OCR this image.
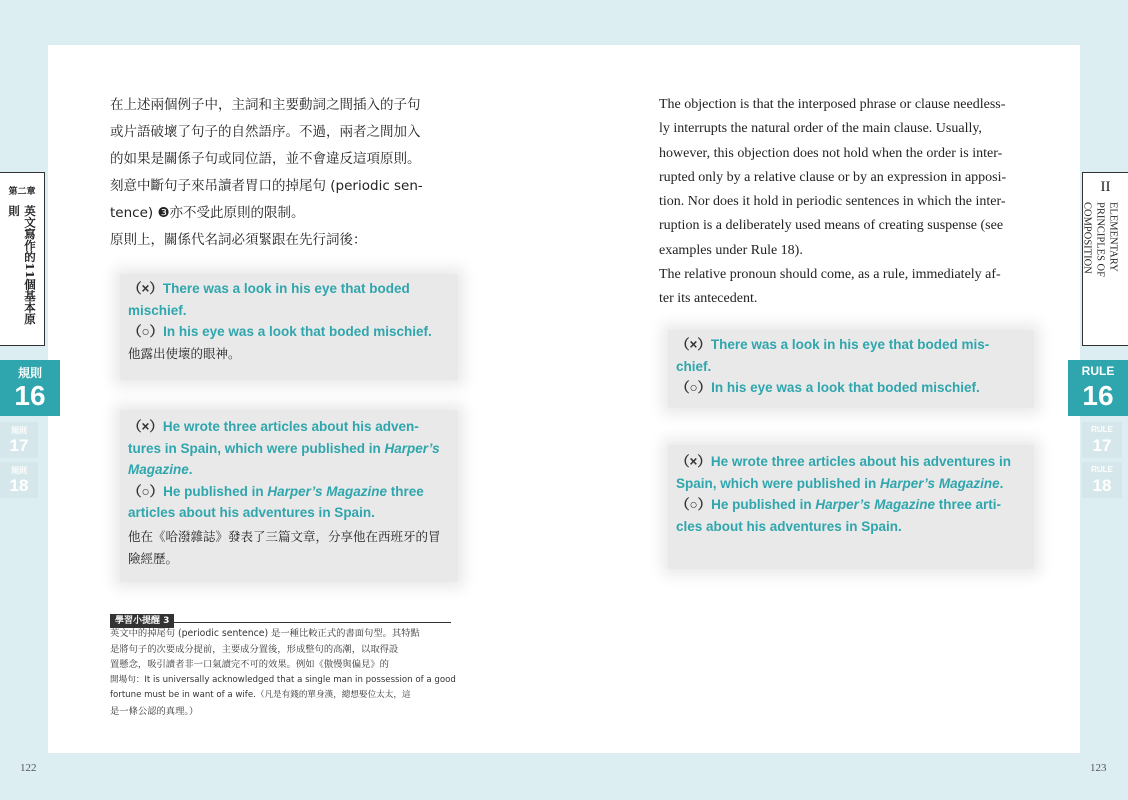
第二章
英文寫作的11個基本原則
規則
16
規則
17
規則
18
在上述兩個例子中，主詞和主要動詞之間插入的子句
或片語破壞了句子的自然語序。不過，兩者之間加入
的如果是關係子句或同位語，並不會違反這項原則。
刻意中斷句子來吊讀者胃口的掉尾句 (periodic sen-
tence) ❸亦不受此原則的限制。
原則上，關係代名詞必須緊跟在先行詞後：
（×）There was a look in his eye that boded
mischief.
（○）In his eye was a look that boded mischief.
他露出使壞的眼神。
（×）He wrote three articles about his adven-
tures in Spain, which were published in Harper’s
Magazine.
（○）He published in Harper’s Magazine three
articles about his adventures in Spain.
他在《哈潑雜誌》發表了三篇文章，分享他在西班牙的冒
險經歷。
學習小提醒 3
英文中的掉尾句 (periodic sentence) 是一種比較正式的書面句型。其特點
是將句子的次要成分提前，主要成分置後，形成整句的高潮，以取得設
置懸念，吸引讀者非一口氣讀完不可的效果。例如《傲慢與偏見》的
開場句：It is universally acknowledged that a single man in possession of a good
fortune must be in want of a wife.（凡是有錢的單身漢，總想娶位太太，這
是一條公認的真理。）
122
The objection is that the interposed phrase or clause needless-
ly interrupts the natural order of the main clause. Usually,
however, this objection does not hold when the order is inter-
rupted only by a relative clause or by an expression in apposi-
tion. Nor does it hold in periodic sentences in which the inter-
ruption is a deliberately used means of creating suspense (see
examples under Rule 18).
The relative pronoun should come, as a rule, immediately af-
ter its antecedent.
（×）There was a look in his eye that boded mis-
chief.
（○）In his eye was a look that boded mischief.
（×）He wrote three articles about his adventures in
Spain, which were published in Harper’s Magazine.
（○）He published in Harper’s Magazine three arti-
cles about his adventures in Spain.
123
II
ELEMENTARY PRINCIPLES OF COMPOSITION
RULE
16
RULE
17
RULE
18
